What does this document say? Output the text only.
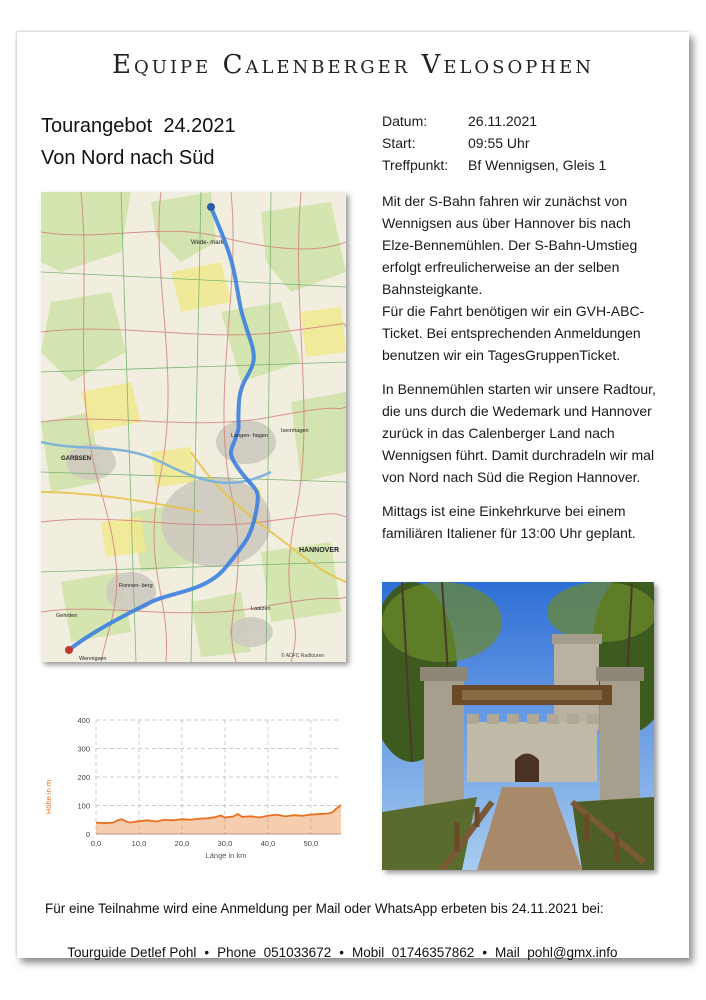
Equipe Calenberger Velosophen
Tourangebot  24.2021
Von Nord nach Süd
Datum:	26.11.2021
Start:	09:55 Uhr
Treffpunkt:	Bf Wennigsen, Gleis 1

Mit der S-Bahn fahren wir zunächst von Wennigsen aus über Hannover bis nach Elze-Bennemühlen. Der S-Bahn-Umstieg erfolgt erfreulicherweise an der selben Bahnsteigkante.
Für die Fahrt benötigen wir ein GVH-ABC-Ticket. Bei entsprechenden Anmeldungen benutzen wir ein TagesGruppenTicket.

In Bennemühlen starten wir unsere Radtour, die uns durch die Wedemark und Hannover zurück in das Calenberger Land nach Wennigsen führt. Damit durchradeln wir mal von Nord nach Süd die Region Hannover.

Mittags ist eine Einkehrkurve bei einem familiären Italiener für 13:00 Uhr geplant.

Wede- mark
GARBSEN
HANNOVER
Langen- hagen
Isernhagen
Ronnen- berg
Gehrden
Laatzen
Wennigsen	© ADFC Radtouren
0
100
200
300
400
0,0	10,0	20,0	30,0	40,0	50,0
Länge in km
Höhe in m
Für eine Teilnahme wird eine Anmeldung per Mail oder WhatsApp erbeten bis 24.11.2021 bei:

Tourguide Detlef Pohl • Phone  051033672 • Mobil  01746357862 • Mail  pohl@gmx.info
